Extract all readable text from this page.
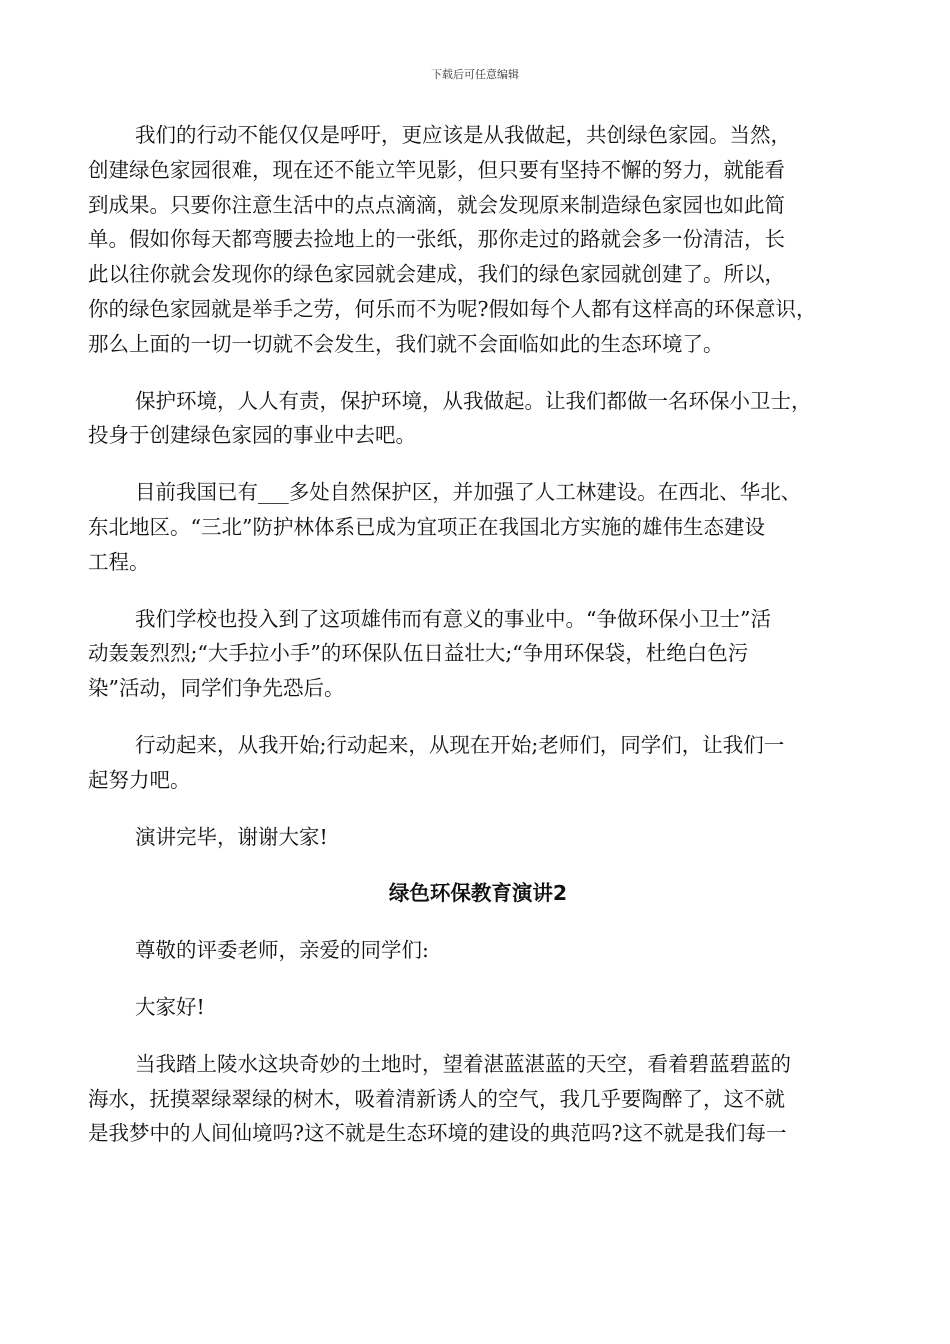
下载后可任意编辑
我们的行动不能仅仅是呼吁，更应该是从我做起，共创绿色家园。当然，
创建绿色家园很难，现在还不能立竿见影，但只要有坚持不懈的努力，就能看
到成果。只要你注意生活中的点点滴滴，就会发现原来制造绿色家园也如此简
单。假如你每天都弯腰去捡地上的一张纸，那你走过的路就会多一份清洁，长
此以往你就会发现你的绿色家园就会建成，我们的绿色家园就创建了。所以，
你的绿色家园就是举手之劳，何乐而不为呢?假如每个人都有这样高的环保意识，
那么上面的一切一切就不会发生，我们就不会面临如此的生态环境了。
保护环境，人人有责，保护环境，从我做起。让我们都做一名环保小卫士，
投身于创建绿色家园的事业中去吧。
目前我国已有___多处自然保护区，并加强了人工林建设。在西北、华北、
东北地区。“三北”防护林体系已成为宜项正在我国北方实施的雄伟生态建设
工程。
我们学校也投入到了这项雄伟而有意义的事业中。“争做环保小卫士”活
动轰轰烈烈;“大手拉小手”的环保队伍日益壮大;“争用环保袋，杜绝白色污
染”活动，同学们争先恐后。
行动起来，从我开始;行动起来，从现在开始;老师们，同学们，让我们一
起努力吧。
演讲完毕，谢谢大家!
绿色环保教育演讲2
尊敬的评委老师，亲爱的同学们:
大家好!
当我踏上陵水这块奇妙的土地时，望着湛蓝湛蓝的天空，看着碧蓝碧蓝的
海水，抚摸翠绿翠绿的树木，吸着清新诱人的空气，我几乎要陶醉了，这不就
是我梦中的人间仙境吗?这不就是生态环境的建设的典范吗?这不就是我们每一
